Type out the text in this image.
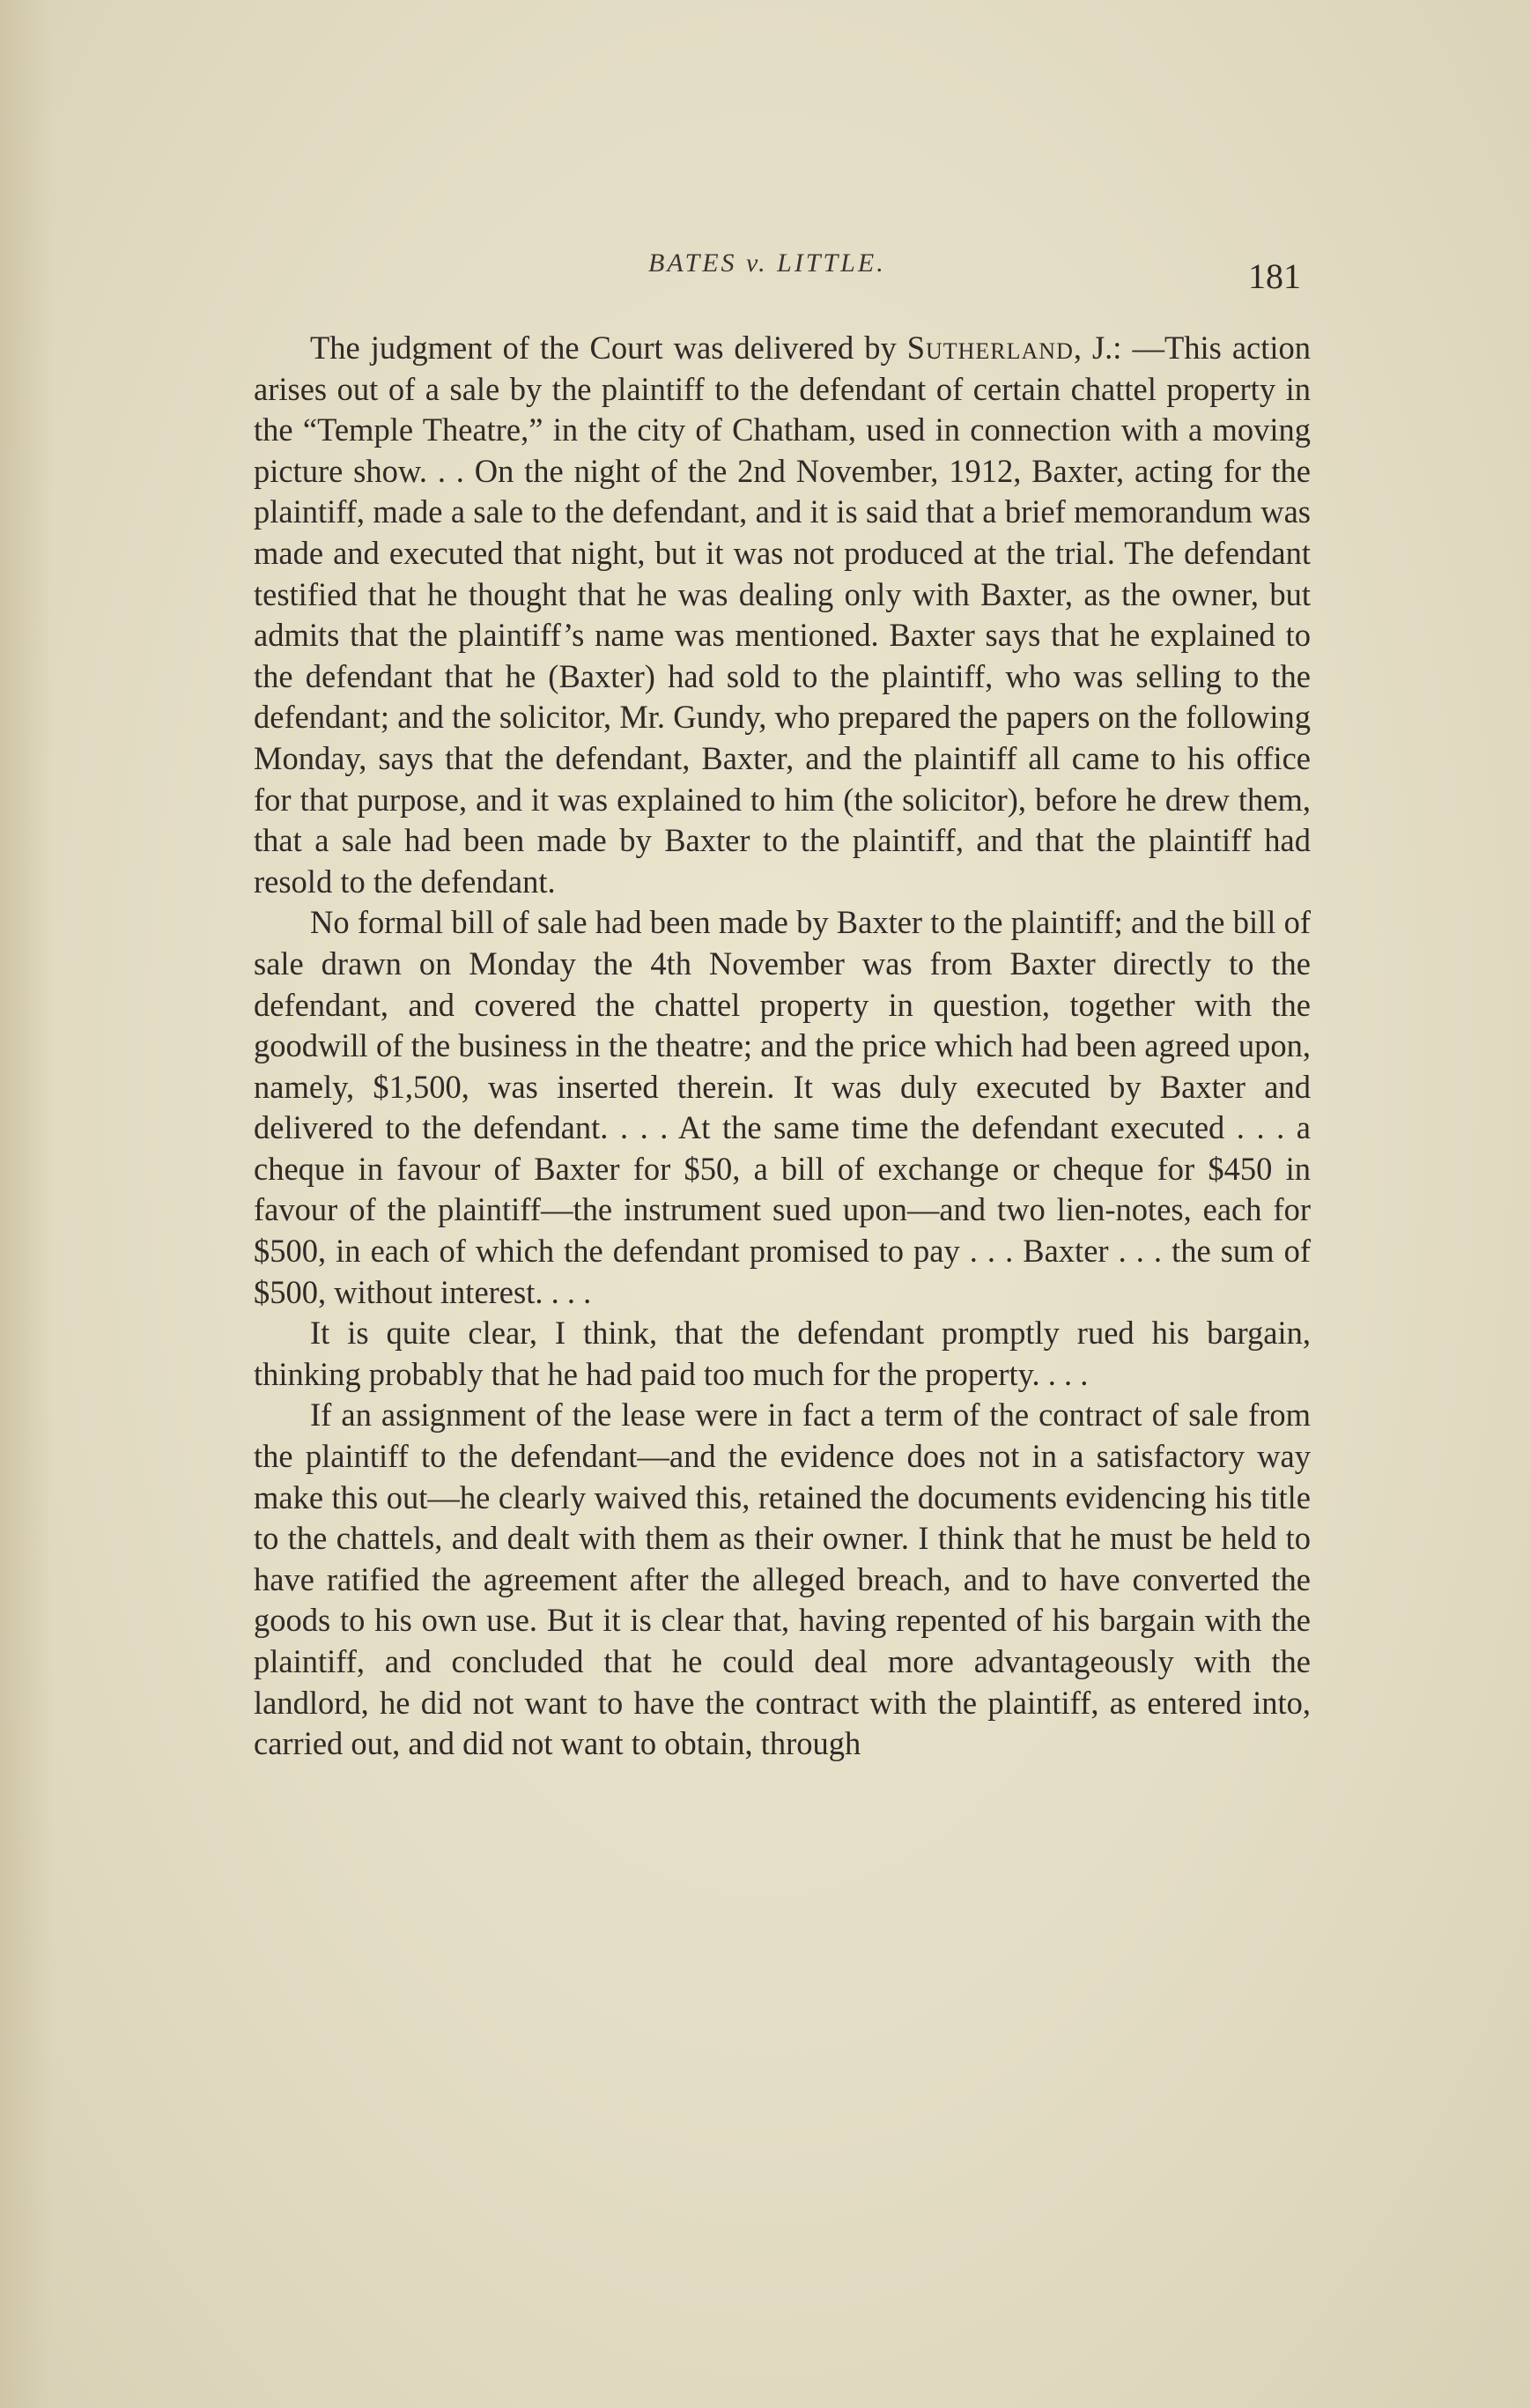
BATES v. LITTLE.	181

The judgment of the Court was delivered by Sutherland, J.: —This action arises out of a sale by the plaintiff to the defendant of certain chattel property in the “Temple Theatre,” in the city of Chatham, used in connection with a moving picture show. . . On the night of the 2nd November, 1912, Baxter, acting for the plaintiff, made a sale to the defendant, and it is said that a brief memorandum was made and executed that night, but it was not produced at the trial. The defendant testified that he thought that he was dealing only with Baxter, as the owner, but admits that the plaintiff’s name was mentioned. Baxter says that he explained to the defendant that he (Baxter) had sold to the plaintiff, who was selling to the defendant; and the solicitor, Mr. Gundy, who prepared the papers on the following Monday, says that the defendant, Baxter, and the plaintiff all came to his office for that purpose, and it was explained to him (the solicitor), before he drew them, that a sale had been made by Baxter to the plaintiff, and that the plaintiff had resold to the defendant.

No formal bill of sale had been made by Baxter to the plaintiff; and the bill of sale drawn on Monday the 4th November was from Baxter directly to the defendant, and covered the chattel property in question, together with the goodwill of the business in the theatre; and the price which had been agreed upon, namely, $1,500, was inserted therein. It was duly executed by Baxter and delivered to the defendant. . . . At the same time the defendant executed . . . a cheque in favour of Baxter for $50, a bill of exchange or cheque for $450 in favour of the plaintiff—the instrument sued upon—and two lien-notes, each for $500, in each of which the defendant promised to pay . . . Baxter . . . the sum of $500, without interest. . . .

It is quite clear, I think, that the defendant promptly rued his bargain, thinking probably that he had paid too much for the property. . . .

If an assignment of the lease were in fact a term of the contract of sale from the plaintiff to the defendant—and the evidence does not in a satisfactory way make this out—he clearly waived this, retained the documents evidencing his title to the chattels, and dealt with them as their owner. I think that he must be held to have ratified the agreement after the alleged breach, and to have converted the goods to his own use. But it is clear that, having repented of his bargain with the plaintiff, and concluded that he could deal more advantageously with the landlord, he did not want to have the contract with the plaintiff, as entered into, carried out, and did not want to obtain, through
